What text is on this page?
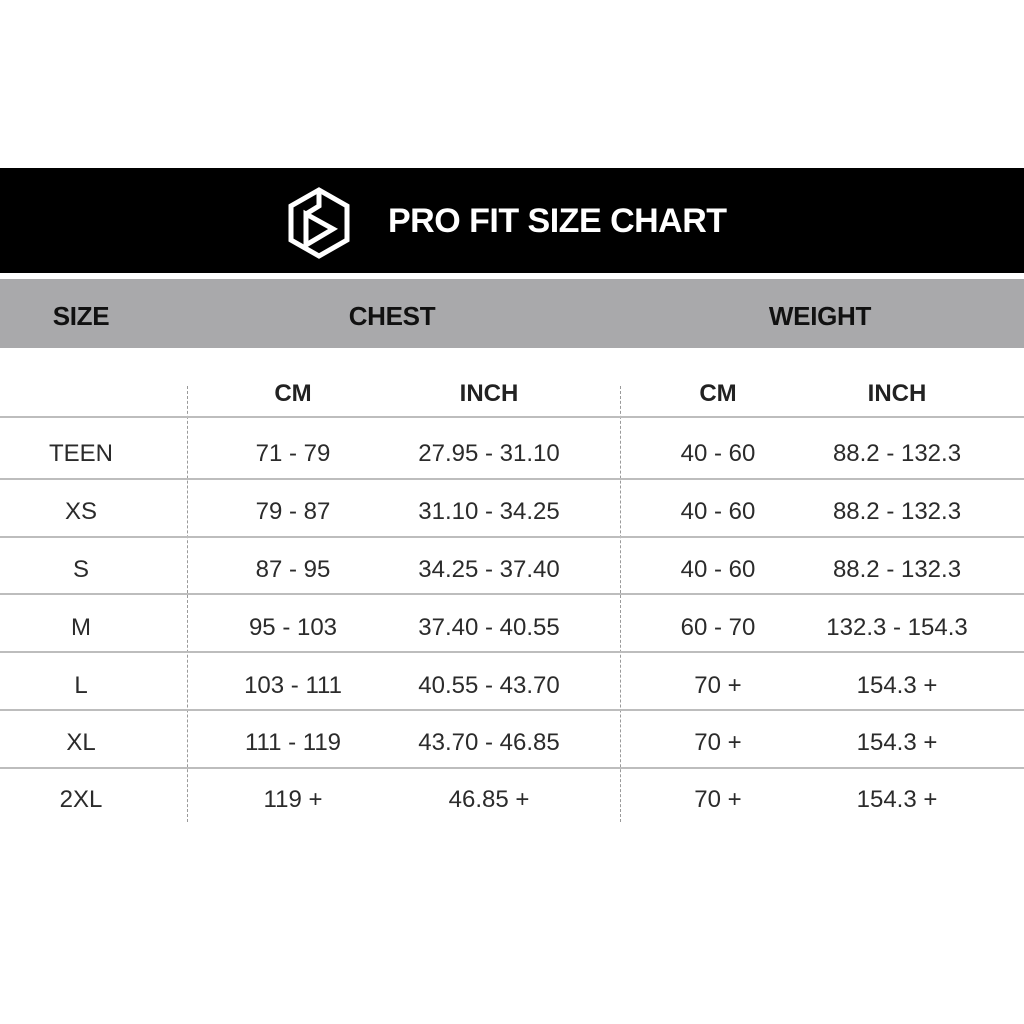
PRO FIT SIZE CHART
SIZE	CHEST	WEIGHT
CM	INCH	CM	INCH
TEEN	71 - 79	27.95 - 31.10	40 - 60	88.2 - 132.3
XS	79 - 87	31.10 - 34.25	40 - 60	88.2 - 132.3
S	87 - 95	34.25 - 37.40	40 - 60	88.2 - 132.3
M	95 - 103	37.40 - 40.55	60 - 70	132.3 - 154.3
L	103 - 111	40.55 - 43.70	70 +	154.3 +
XL	111 - 119	43.70 - 46.85	70 +	154.3 +
2XL	119 +	46.85 +	70 +	154.3 +
